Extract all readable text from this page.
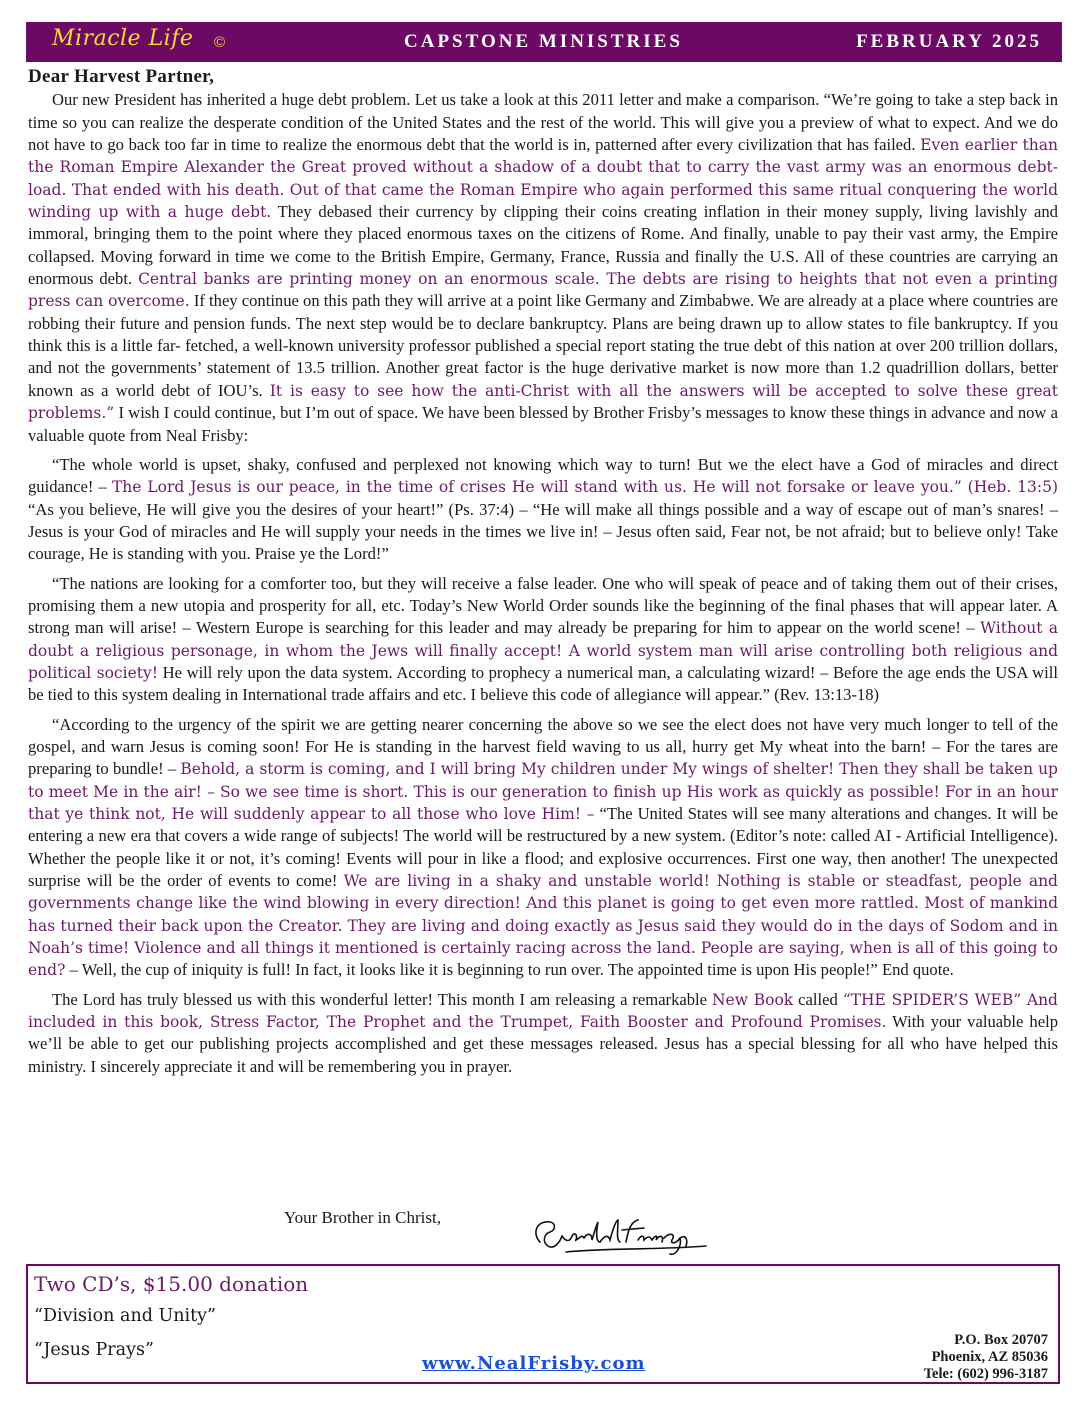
Miracle Life ©	CAPSTONE MINISTRIES	FEBRUARY 2025
Dear Harvest Partner,

Our new President has inherited a huge debt problem. Let us take a look at this 2011 letter and make a comparison. “We’re going to take a step back in time so you can realize the desperate condition of the United States and the rest of the world. This will give you a preview of what to expect. And we do not have to go back too far in time to realize the enormous debt that the world is in, patterned after every civilization that has failed. Even earlier than the Roman Empire Alexander the Great proved without a shadow of a doubt that to carry the vast army was an enormous debt-load. That ended with his death. Out of that came the Roman Empire who again performed this same ritual conquering the world winding up with a huge debt. They debased their currency by clipping their coins creating inflation in their money supply, living lavishly and immoral, bringing them to the point where they placed enormous taxes on the citizens of Rome. And finally, unable to pay their vast army, the Empire collapsed. Moving forward in time we come to the British Empire, Germany, France, Russia and finally the U.S. All of these countries are carrying an enormous debt. Central banks are printing money on an enormous scale. The debts are rising to heights that not even a printing press can overcome. If they continue on this path they will arrive at a point like Germany and Zimbabwe. We are already at a place where countries are robbing their future and pension funds. The next step would be to declare bankruptcy. Plans are being drawn up to allow states to file bankruptcy. If you think this is a little far- fetched, a well-known university professor published a special report stating the true debt of this nation at over 200 trillion dollars, and not the governments’ statement of 13.5 trillion. Another great factor is the huge derivative market is now more than 1.2 quadrillion dollars, better known as a world debt of IOU’s. It is easy to see how the anti-Christ with all the answers will be accepted to solve these great problems.” I wish I could continue, but I’m out of space. We have been blessed by Brother Frisby’s messages to know these things in advance and now a valuable quote from Neal Frisby:

“The whole world is upset, shaky, confused and perplexed not knowing which way to turn! But we the elect have a God of miracles and direct guidance! – The Lord Jesus is our peace, in the time of crises He will stand with us. He will not forsake or leave you.” (Heb. 13:5) “As you believe, He will give you the desires of your heart!” (Ps. 37:4) – “He will make all things possible and a way of escape out of man’s snares! – Jesus is your God of miracles and He will supply your needs in the times we live in! – Jesus often said, Fear not, be not afraid; but to believe only! Take courage, He is standing with you. Praise ye the Lord!”

“The nations are looking for a comforter too, but they will receive a false leader. One who will speak of peace and of taking them out of their crises, promising them a new utopia and prosperity for all, etc. Today’s New World Order sounds like the beginning of the final phases that will appear later. A strong man will arise! – Western Europe is searching for this leader and may already be preparing for him to appear on the world scene! – Without a doubt a religious personage, in whom the Jews will finally accept! A world system man will arise controlling both religious and political society! He will rely upon the data system. According to prophecy a numerical man, a calculating wizard! – Before the age ends the USA will be tied to this system dealing in International trade affairs and etc. I believe this code of allegiance will appear.” (Rev. 13:13-18)

“According to the urgency of the spirit we are getting nearer concerning the above so we see the elect does not have very much longer to tell of the gospel, and warn Jesus is coming soon! For He is standing in the harvest field waving to us all, hurry get My wheat into the barn! – For the tares are preparing to bundle! – Behold, a storm is coming, and I will bring My children under My wings of shelter! Then they shall be taken up to meet Me in the air! – So we see time is short. This is our generation to finish up His work as quickly as possible! For in an hour that ye think not, He will suddenly appear to all those who love Him! – “The United States will see many alterations and changes. It will be entering a new era that covers a wide range of subjects! The world will be restructured by a new system. (Editor’s note: called AI - Artificial Intelligence). Whether the people like it or not, it’s coming! Events will pour in like a flood; and explosive occurrences. First one way, then another! The unexpected surprise will be the order of events to come! We are living in a shaky and unstable world! Nothing is stable or steadfast, people and governments change like the wind blowing in every direction! And this planet is going to get even more rattled. Most of mankind has turned their back upon the Creator. They are living and doing exactly as Jesus said they would do in the days of Sodom and in Noah’s time! Violence and all things it mentioned is certainly racing across the land. People are saying, when is all of this going to end? – Well, the cup of iniquity is full! In fact, it looks like it is beginning to run over. The appointed time is upon His people!” End quote.

The Lord has truly blessed us with this wonderful letter! This month I am releasing a remarkable New Book called “THE SPIDER’S WEB” And included in this book, Stress Factor, The Prophet and the Trumpet, Faith Booster and Profound Promises. With your valuable help we’ll be able to get our publishing projects accomplished and get these messages released. Jesus has a special blessing for all who have helped this ministry. I sincerely appreciate it and will be remembering you in prayer.

Your Brother in Christ,
Two CD’s, $15.00 donation
“Division and Unity”
“Jesus Prays”
www.NealFrisby.com
P.O. Box 20707
Phoenix, AZ 85036
Tele: (602) 996-3187
